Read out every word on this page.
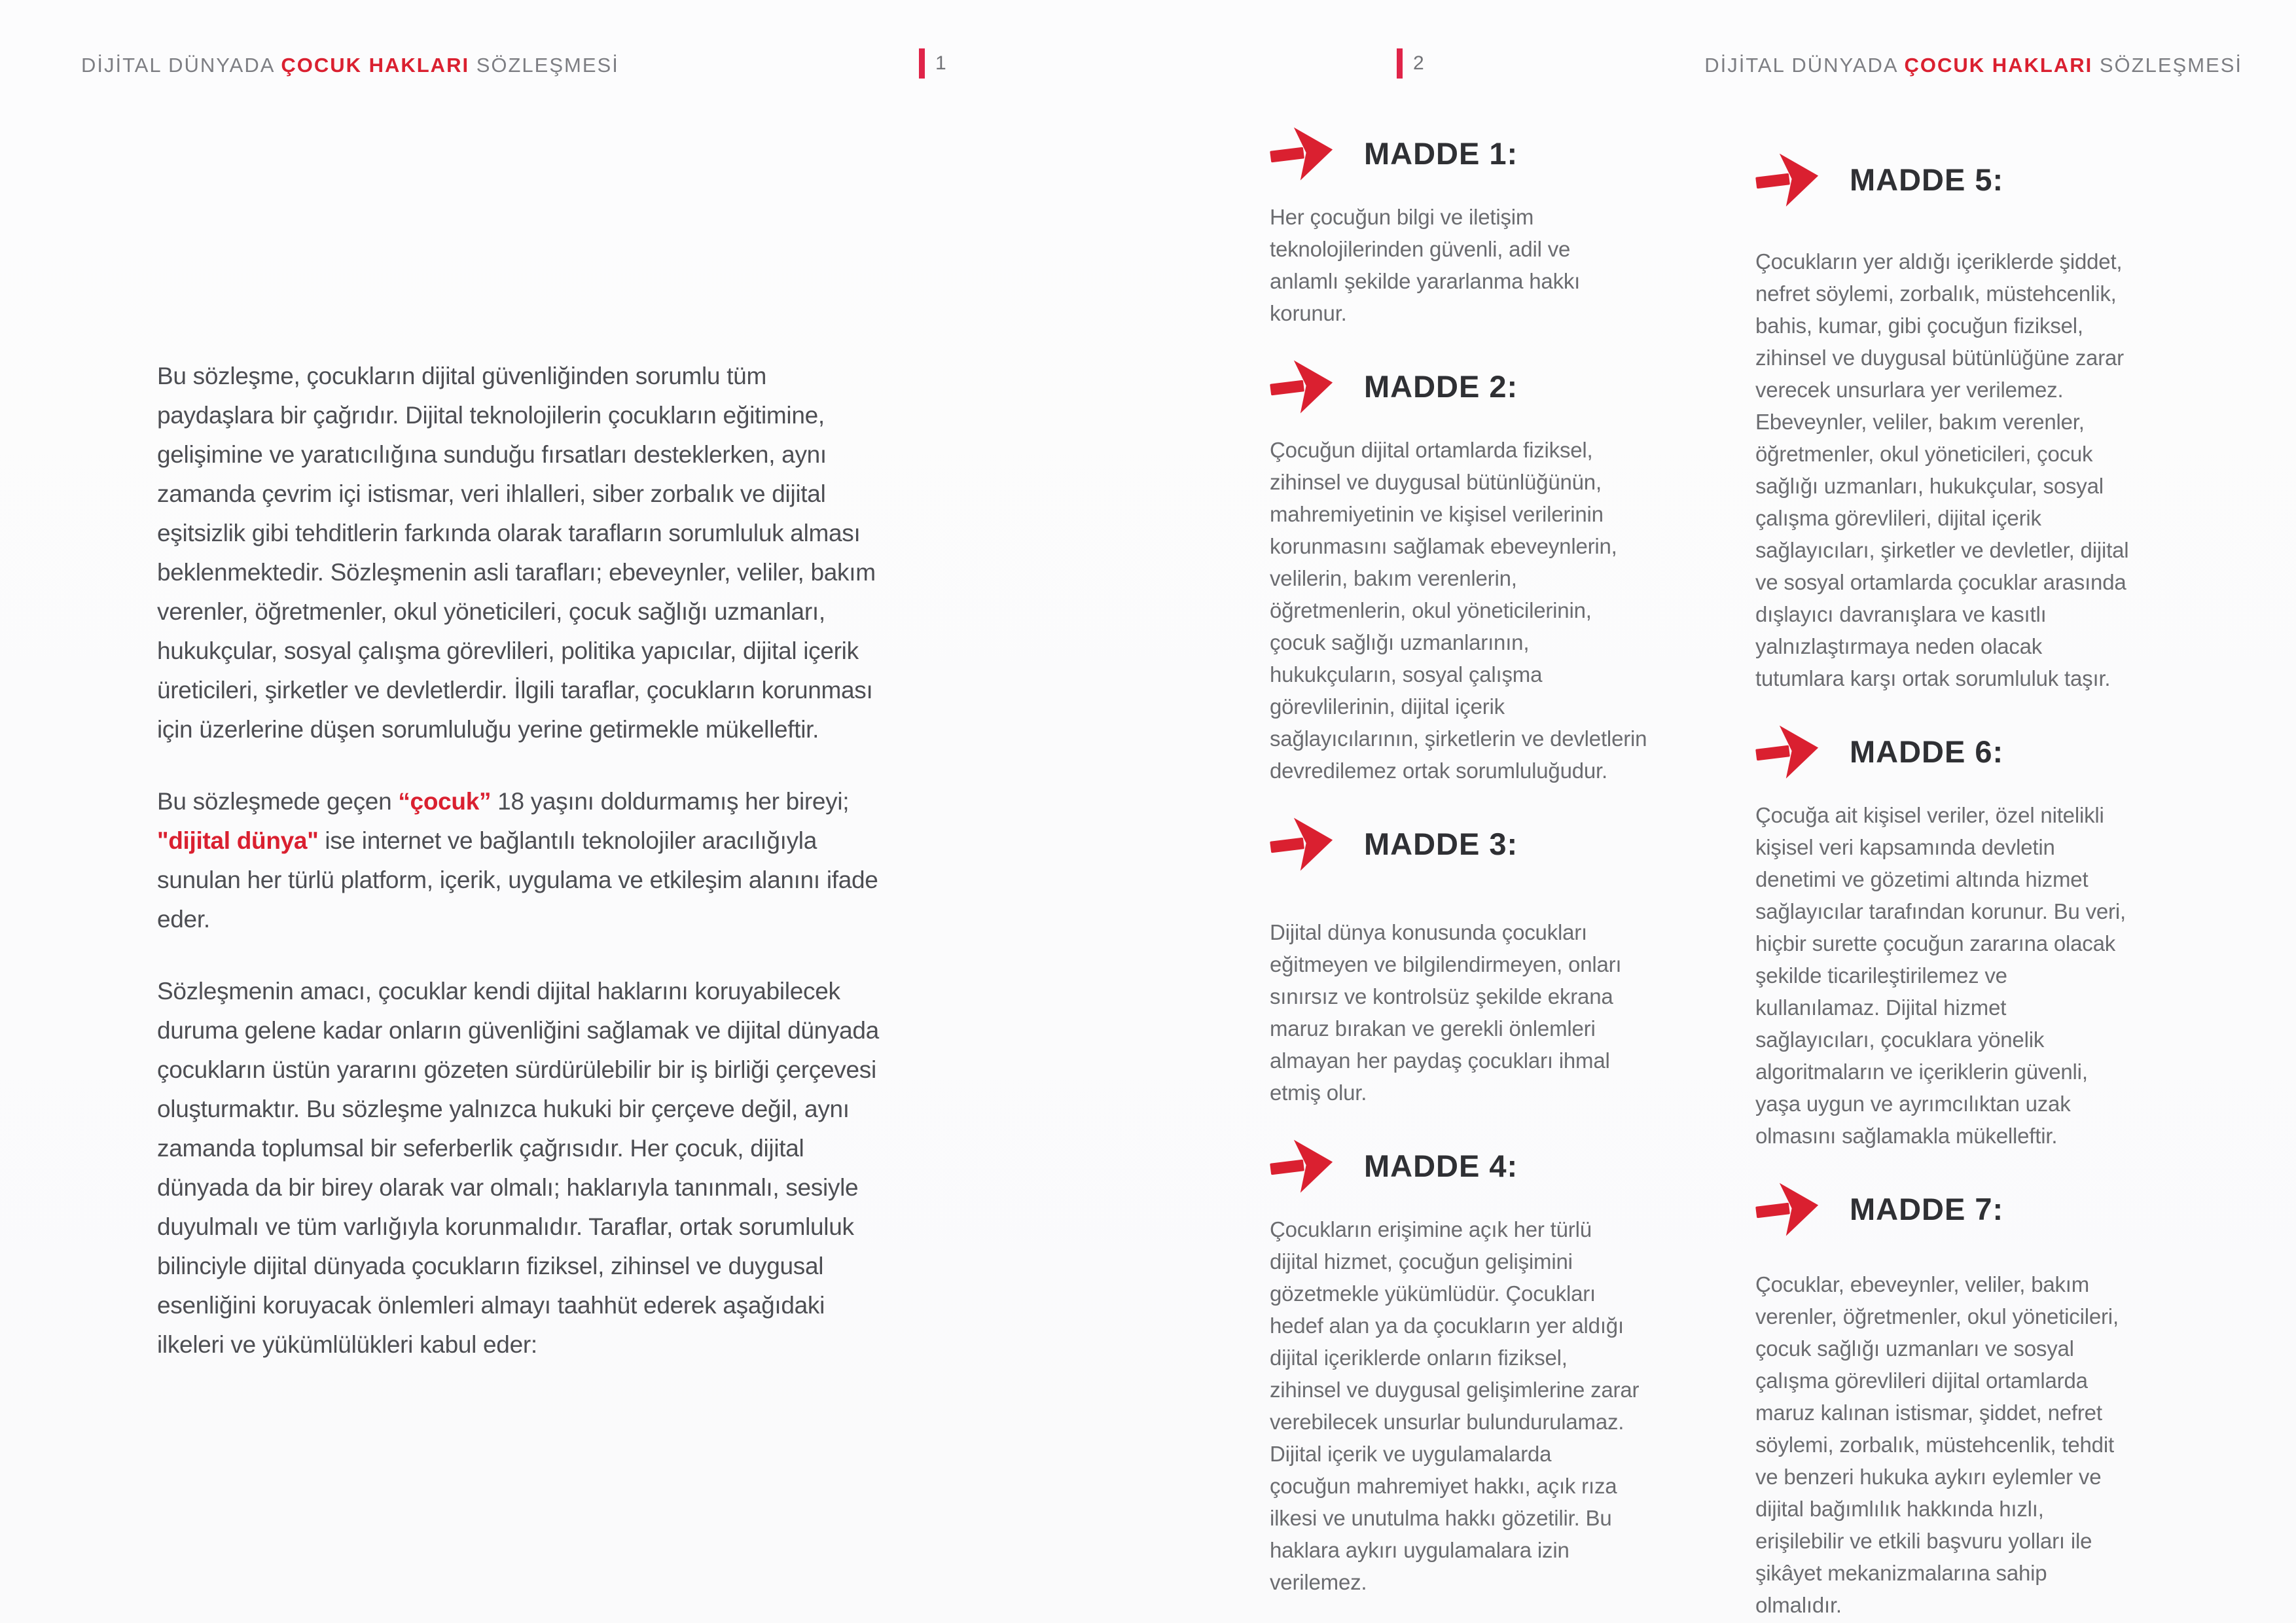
DİJİTAL DÜNYADA ÇOCUK HAKLARI SÖZLEŞMESİ	1	2	DİJİTAL DÜNYADA ÇOCUK HAKLARI SÖZLEŞMESİ
Bu sözleşme, çocukların dijital güvenliğinden sorumlu tüm
paydaşlara bir çağrıdır. Dijital teknolojilerin çocukların eğitimine,
gelişimine ve yaratıcılığına sunduğu fırsatları desteklerken, aynı
zamanda çevrim içi istismar, veri ihlalleri, siber zorbalık ve dijital
eşitsizlik gibi tehditlerin farkında olarak tarafların sorumluluk alması
beklenmektedir. Sözleşmenin asli tarafları; ebeveynler, veliler, bakım
verenler, öğretmenler, okul yöneticileri, çocuk sağlığı uzmanları,
hukukçular, sosyal çalışma görevlileri, politika yapıcılar, dijital içerik
üreticileri, şirketler ve devletlerdir. İlgili taraflar, çocukların korunması
için üzerlerine düşen sorumluluğu yerine getirmekle mükelleftir.
Bu sözleşmede geçen “çocuk” 18 yaşını doldurmamış her bireyi;
"dijital dünya" ise internet ve bağlantılı teknolojiler aracılığıyla
sunulan her türlü platform, içerik, uygulama ve etkileşim alanını ifade
eder.
Sözleşmenin amacı, çocuklar kendi dijital haklarını koruyabilecek
duruma gelene kadar onların güvenliğini sağlamak ve dijital dünyada
çocukların üstün yararını gözeten sürdürülebilir bir iş birliği çerçevesi
oluşturmaktır. Bu sözleşme yalnızca hukuki bir çerçeve değil, aynı
zamanda toplumsal bir seferberlik çağrısıdır. Her çocuk, dijital
dünyada da bir birey olarak var olmalı; haklarıyla tanınmalı, sesiyle
duyulmalı ve tüm varlığıyla korunmalıdır. Taraflar, ortak sorumluluk
bilinciyle dijital dünyada çocukların fiziksel, zihinsel ve duygusal
esenliğini koruyacak önlemleri almayı taahhüt ederek aşağıdaki
ilkeleri ve yükümlülükleri kabul eder:
MADDE 1:
Her çocuğun bilgi ve iletişim
teknolojilerinden güvenli, adil ve
anlamlı şekilde yararlanma hakkı
korunur.
MADDE 2:
Çocuğun dijital ortamlarda fiziksel,
zihinsel ve duygusal bütünlüğünün,
mahremiyetinin ve kişisel verilerinin
korunmasını sağlamak ebeveynlerin,
velilerin, bakım verenlerin,
öğretmenlerin, okul yöneticilerinin,
çocuk sağlığı uzmanlarının,
hukukçuların, sosyal çalışma
görevlilerinin, dijital içerik
sağlayıcılarının, şirketlerin ve devletlerin
devredilemez ortak sorumluluğudur.
MADDE 3:
Dijital dünya konusunda çocukları
eğitmeyen ve bilgilendirmeyen, onları
sınırsız ve kontrolsüz şekilde ekrana
maruz bırakan ve gerekli önlemleri
almayan her paydaş çocukları ihmal
etmiş olur.
MADDE 4:
Çocukların erişimine açık her türlü
dijital hizmet, çocuğun gelişimini
gözetmekle yükümlüdür. Çocukları
hedef alan ya da çocukların yer aldığı
dijital içeriklerde onların fiziksel,
zihinsel ve duygusal gelişimlerine zarar
verebilecek unsurlar bulundurulamaz.
Dijital içerik ve uygulamalarda
çocuğun mahremiyet hakkı, açık rıza
ilkesi ve unutulma hakkı gözetilir. Bu
haklara aykırı uygulamalara izin
verilemez.
MADDE 5:
Çocukların yer aldığı içeriklerde şiddet,
nefret söylemi, zorbalık, müstehcenlik,
bahis, kumar, gibi çocuğun fiziksel,
zihinsel ve duygusal bütünlüğüne zarar
verecek unsurlara yer verilemez.
Ebeveynler, veliler, bakım verenler,
öğretmenler, okul yöneticileri, çocuk
sağlığı uzmanları, hukukçular, sosyal
çalışma görevlileri, dijital içerik
sağlayıcıları, şirketler ve devletler, dijital
ve sosyal ortamlarda çocuklar arasında
dışlayıcı davranışlara ve kasıtlı
yalnızlaştırmaya neden olacak
tutumlara karşı ortak sorumluluk taşır.
MADDE 6:
Çocuğa ait kişisel veriler, özel nitelikli
kişisel veri kapsamında devletin
denetimi ve gözetimi altında hizmet
sağlayıcılar tarafından korunur. Bu veri,
hiçbir surette çocuğun zararına olacak
şekilde ticarileştirilemez ve
kullanılamaz. Dijital hizmet
sağlayıcıları, çocuklara yönelik
algoritmaların ve içeriklerin güvenli,
yaşa uygun ve ayrımcılıktan uzak
olmasını sağlamakla mükelleftir.
MADDE 7:
Çocuklar, ebeveynler, veliler, bakım
verenler, öğretmenler, okul yöneticileri,
çocuk sağlığı uzmanları ve sosyal
çalışma görevlileri dijital ortamlarda
maruz kalınan istismar, şiddet, nefret
söylemi, zorbalık, müstehcenlik, tehdit
ve benzeri hukuka aykırı eylemler ve
dijital bağımlılık hakkında hızlı,
erişilebilir ve etkili başvuru yolları ile
şikâyet mekanizmalarına sahip
olmalıdır.
